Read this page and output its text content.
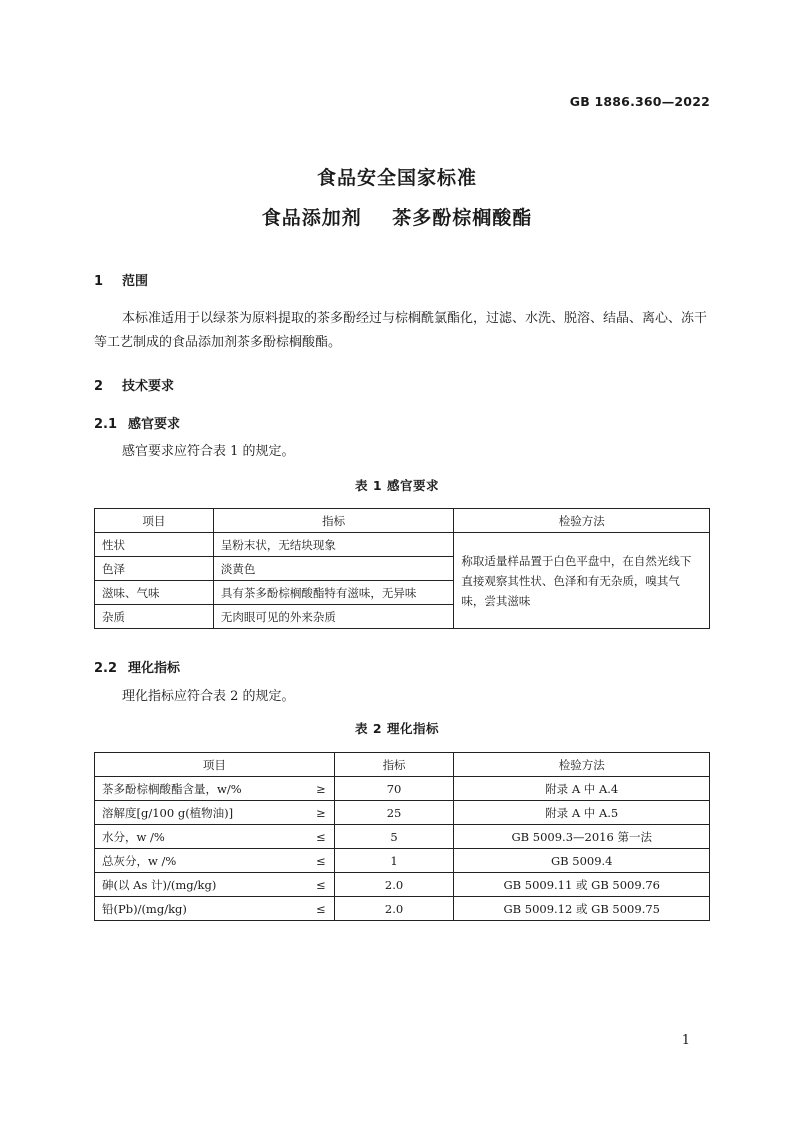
GB 1886.360—2022
食品安全国家标准
食品添加剂    茶多酚棕榈酸酯
1 范围
本标准适用于以绿茶为原料提取的茶多酚经过与棕榈酰氯酯化，过滤、水洗、脱溶、结晶、离心、冻干等工艺制成的食品添加剂茶多酚棕榈酸酯。
2 技术要求
2.1 感官要求
感官要求应符合表 1 的规定。
表 1 感官要求
项目	指标	检验方法
性状	呈粉末状，无结块现象	称取适量样品置于白色平盘中，在自然光线下直接观察其性状、色泽和有无杂质，嗅其气味，尝其滋味
色泽	淡黄色	
滋味、气味	具有茶多酚棕榈酸酯特有滋味，无异味	
杂质	无肉眼可见的外来杂质	
2.2 理化指标
理化指标应符合表 2 的规定。
表 2 理化指标
项目		指标	检验方法
茶多酚棕榈酸酯含量，w/%	≥	70	附录 A 中 A.4
溶解度[g/100 g(植物油)]	≥	25	附录 A 中 A.5
水分，w /%	≤	5	GB 5009.3—2016 第一法
总灰分，w /%	≤	1	GB 5009.4
砷(以 As 计)/(mg/kg)	≤	2.0	GB 5009.11 或 GB 5009.76
铅(Pb)/(mg/kg)	≤	2.0	GB 5009.12 或 GB 5009.75
1
